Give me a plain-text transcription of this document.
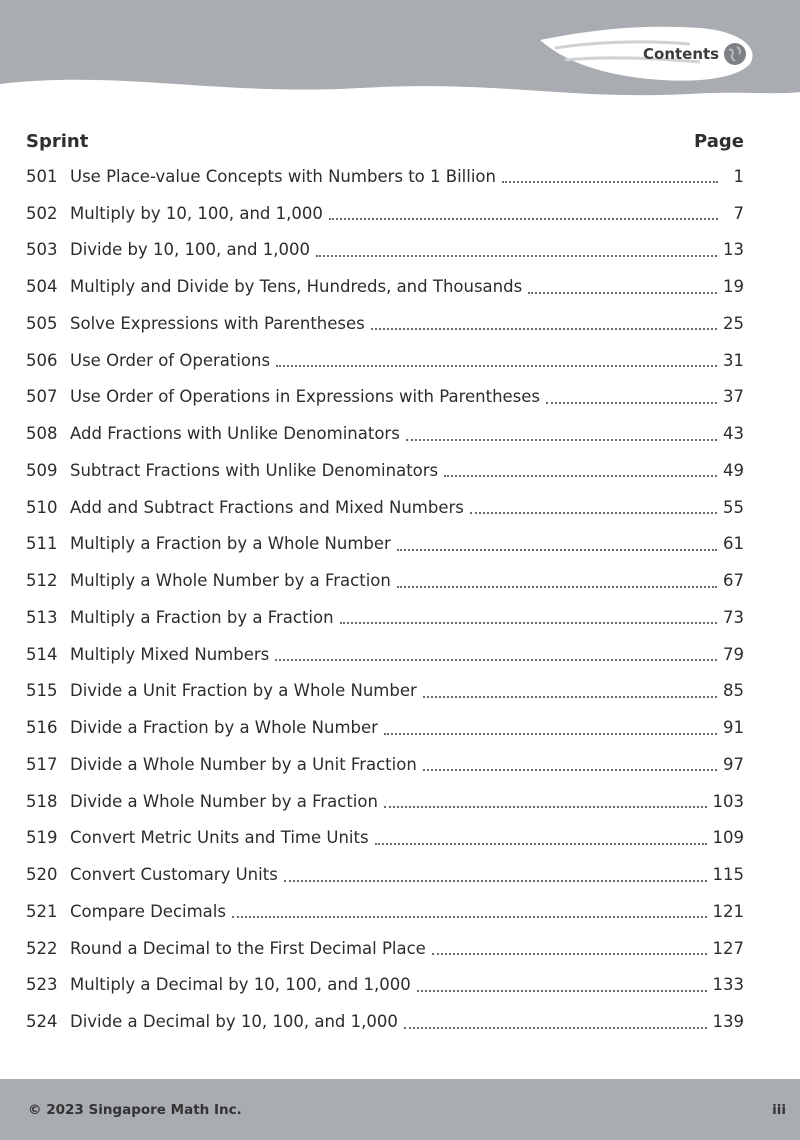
Contents
Sprint	Page
501 Use Place-value Concepts with Numbers to 1 Billion	1
502 Multiply by 10, 100, and 1,000	7
503 Divide by 10, 100, and 1,000	13
504 Multiply and Divide by Tens, Hundreds, and Thousands	19
505 Solve Expressions with Parentheses	25
506 Use Order of Operations	31
507 Use Order of Operations in Expressions with Parentheses	37
508 Add Fractions with Unlike Denominators	43
509 Subtract Fractions with Unlike Denominators	49
510 Add and Subtract Fractions and Mixed Numbers	55
511 Multiply a Fraction by a Whole Number	61
512 Multiply a Whole Number by a Fraction	67
513 Multiply a Fraction by a Fraction	73
514 Multiply Mixed Numbers	79
515 Divide a Unit Fraction by a Whole Number	85
516 Divide a Fraction by a Whole Number	91
517 Divide a Whole Number by a Unit Fraction	97
518 Divide a Whole Number by a Fraction	103
519 Convert Metric Units and Time Units	109
520 Convert Customary Units	115
521 Compare Decimals	121
522 Round a Decimal to the First Decimal Place	127
523 Multiply a Decimal by 10, 100, and 1,000	133
524 Divide a Decimal by 10, 100, and 1,000	139
© 2023 Singapore Math Inc.	iii
